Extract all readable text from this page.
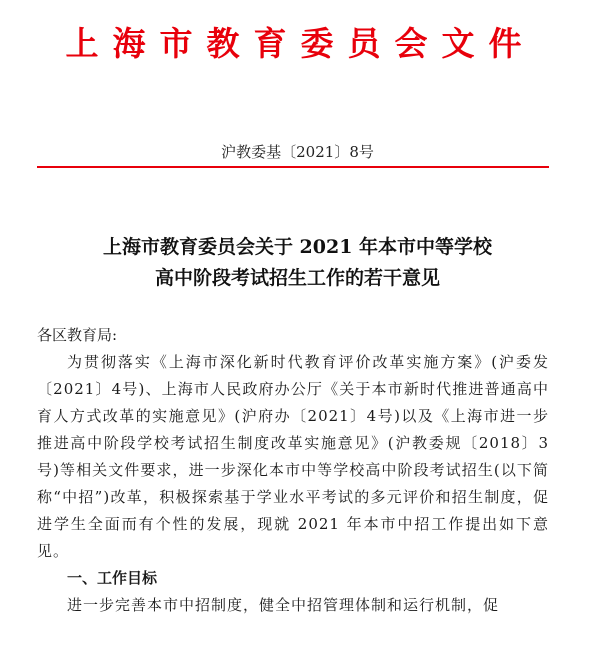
上海市教育委员会文件
沪教委基〔2021〕8号
上海市教育委员会关于 2021 年本市中等学校
高中阶段考试招生工作的若干意见
各区教育局:
为贯彻落实《上海市深化新时代教育评价改革实施方案》(沪委发〔2021〕4号)、上海市人民政府办公厅《关于本市新时代推进普通高中育人方式改革的实施意见》(沪府办〔2021〕4号)以及《上海市进一步推进高中阶段学校考试招生制度改革实施意见》(沪教委规〔2018〕3号)等相关文件要求，进一步深化本市中等学校高中阶段考试招生(以下简称“中招”)改革，积极探索基于学业水平考试的多元评价和招生制度，促进学生全面而有个性的发展，现就 2021 年本市中招工作提出如下意见。
一、工作目标
进一步完善本市中招制度，健全中招管理体制和运行机制，促
